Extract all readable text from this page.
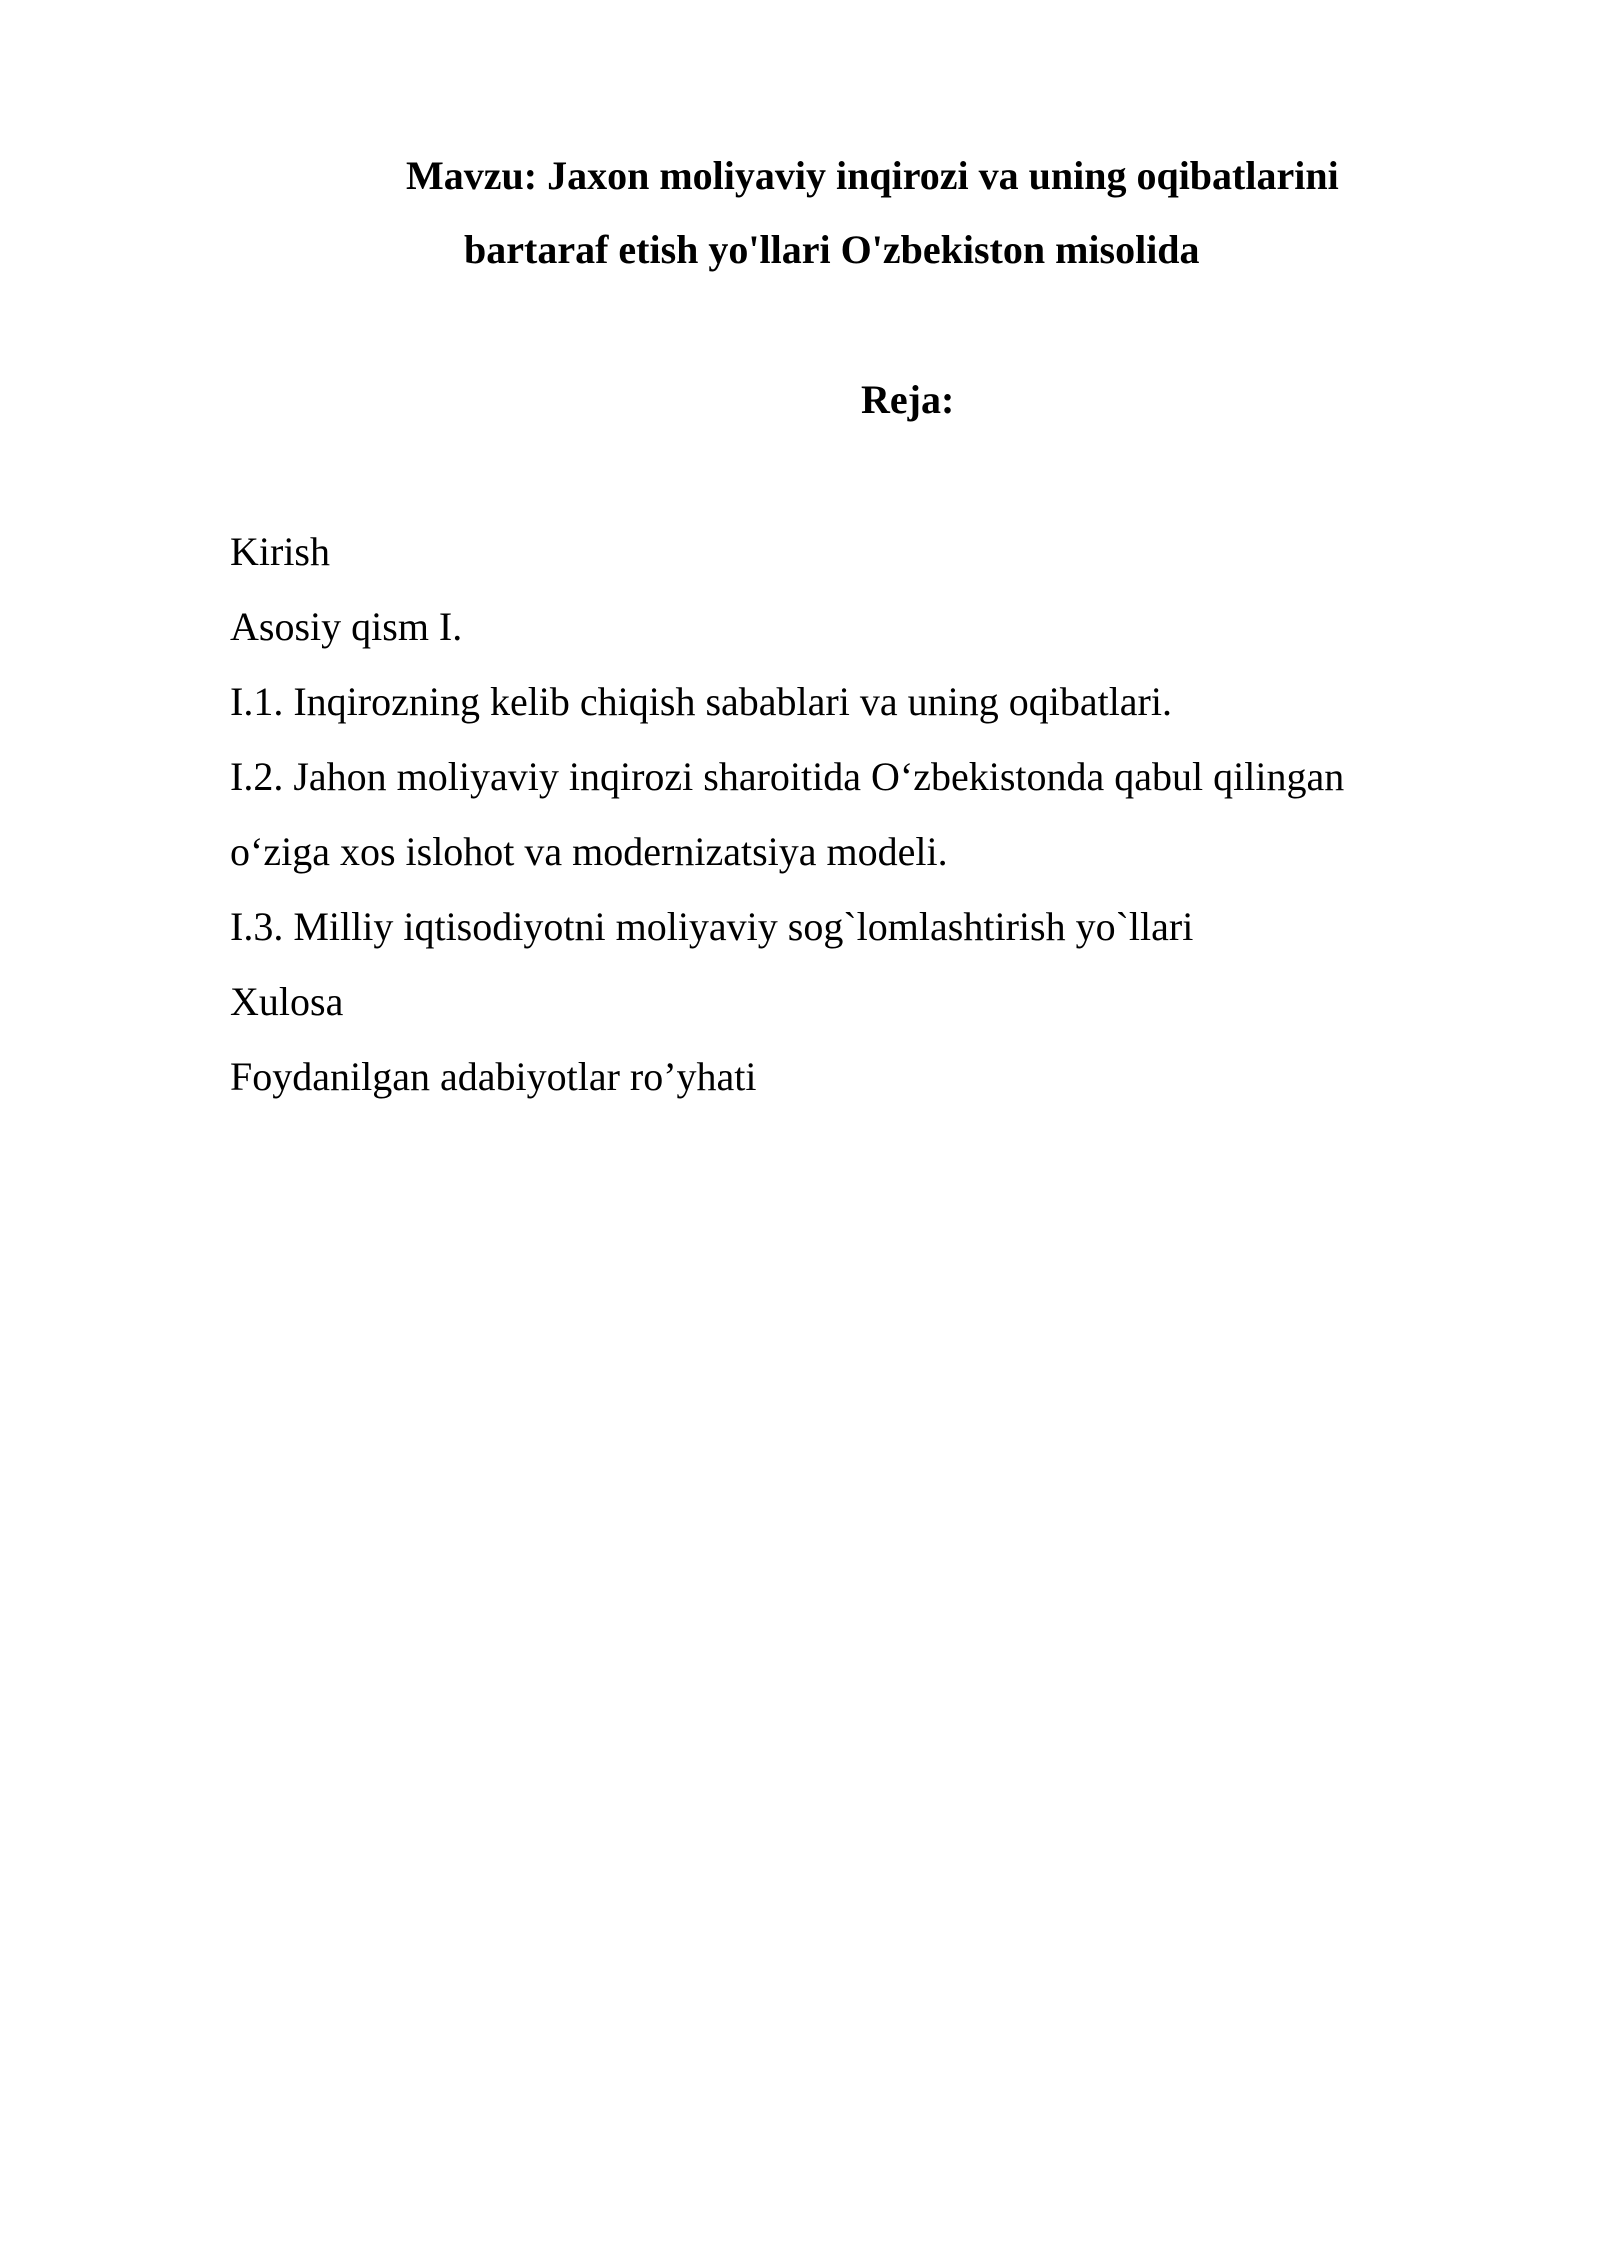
Mavzu: Jaxon moliyaviy inqirozi va uning oqibatlarini
bartaraf etish yo'llari O'zbekiston misolida
Reja:
Kirish
Asosiy qism I.
I.1. Inqirozning kelib chiqish sabablari va uning oqibatlari.
I.2. Jahon moliyaviy inqirozi sharoitida O‘zbekistonda qabul qilingan
o‘ziga xos islohot va modernizatsiya modeli.
I.3. Milliy iqtisodiyotni moliyaviy sog`lomlashtirish yo`llari
Xulosa
Foydanilgan adabiyotlar ro’yhati
